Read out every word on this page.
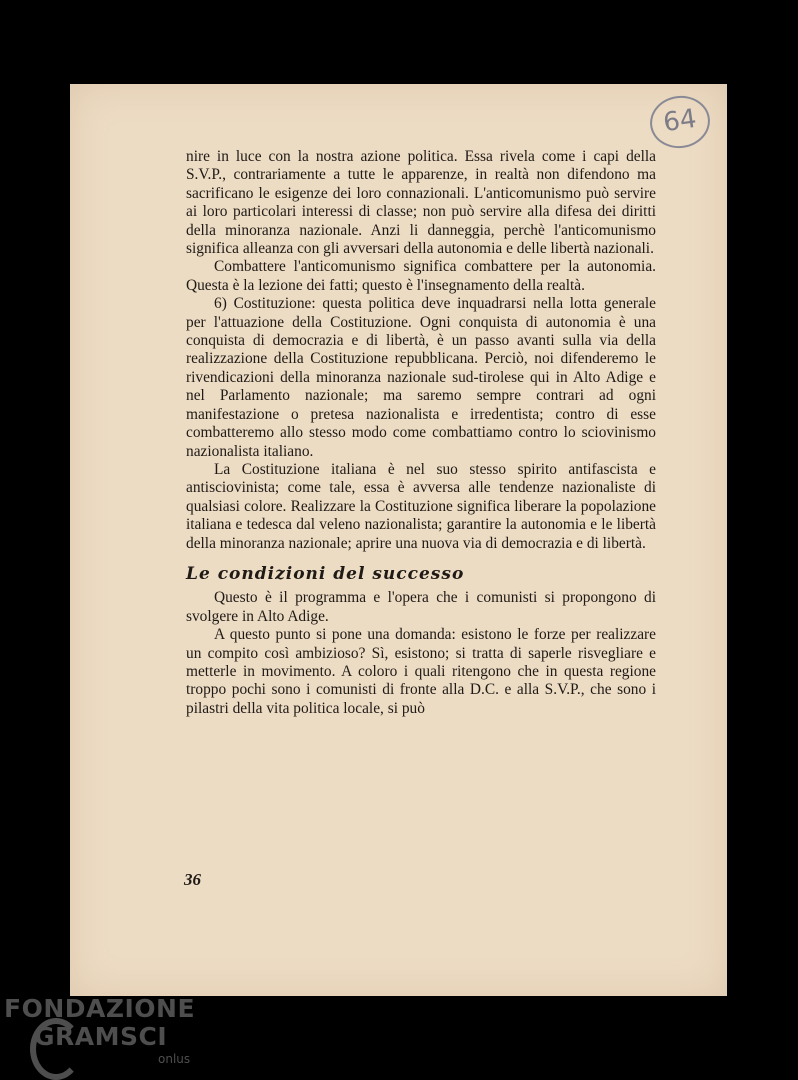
64

nire in luce con la nostra azione politica. Essa rivela come i capi della S.V.P., contrariamente a tutte le apparenze, in realtà non difendono ma sacrificano le esigenze dei loro connazionali. L'anticomunismo può servire ai loro particolari interessi di classe; non può servire alla difesa dei diritti della minoranza nazionale. Anzi li danneggia, perchè l'anticomunismo significa alleanza con gli avversari della autonomia e delle libertà nazionali.

Combattere l'anticomunismo significa combattere per la autonomia. Questa è la lezione dei fatti; questo è l'insegnamento della realtà.

6) Costituzione: questa politica deve inquadrarsi nella lotta generale per l'attuazione della Costituzione. Ogni conquista di autonomia è una conquista di democrazia e di libertà, è un passo avanti sulla via della realizzazione della Costituzione repubblicana. Perciò, noi difenderemo le rivendicazioni della minoranza nazionale sud-tirolese qui in Alto Adige e nel Parlamento nazionale; ma saremo sempre contrari ad ogni manifestazione o pretesa nazionalista e irredentista; contro di esse combatteremo allo stesso modo come combattiamo contro lo sciovinismo nazionalista italiano.

La Costituzione italiana è nel suo stesso spirito antifascista e antisciovinista; come tale, essa è avversa alle tendenze nazionaliste di qualsiasi colore. Realizzare la Costituzione significa liberare la popolazione italiana e tedesca dal veleno nazionalista; garantire la autonomia e le libertà della minoranza nazionale; aprire una nuova via di democrazia e di libertà.

Le condizioni del successo

Questo è il programma e l'opera che i comunisti si propongono di svolgere in Alto Adige.

A questo punto si pone una domanda: esistono le forze per realizzare un compito così ambizioso? Sì, esistono; si tratta di saperle risvegliare e metterle in movimento. A coloro i quali ritengono che in questa regione troppo pochi sono i comunisti di fronte alla D.C. e alla S.V.P., che sono i pilastri della vita politica locale, si può

36
FONDAZIONE
GRAMSCI
onlus
